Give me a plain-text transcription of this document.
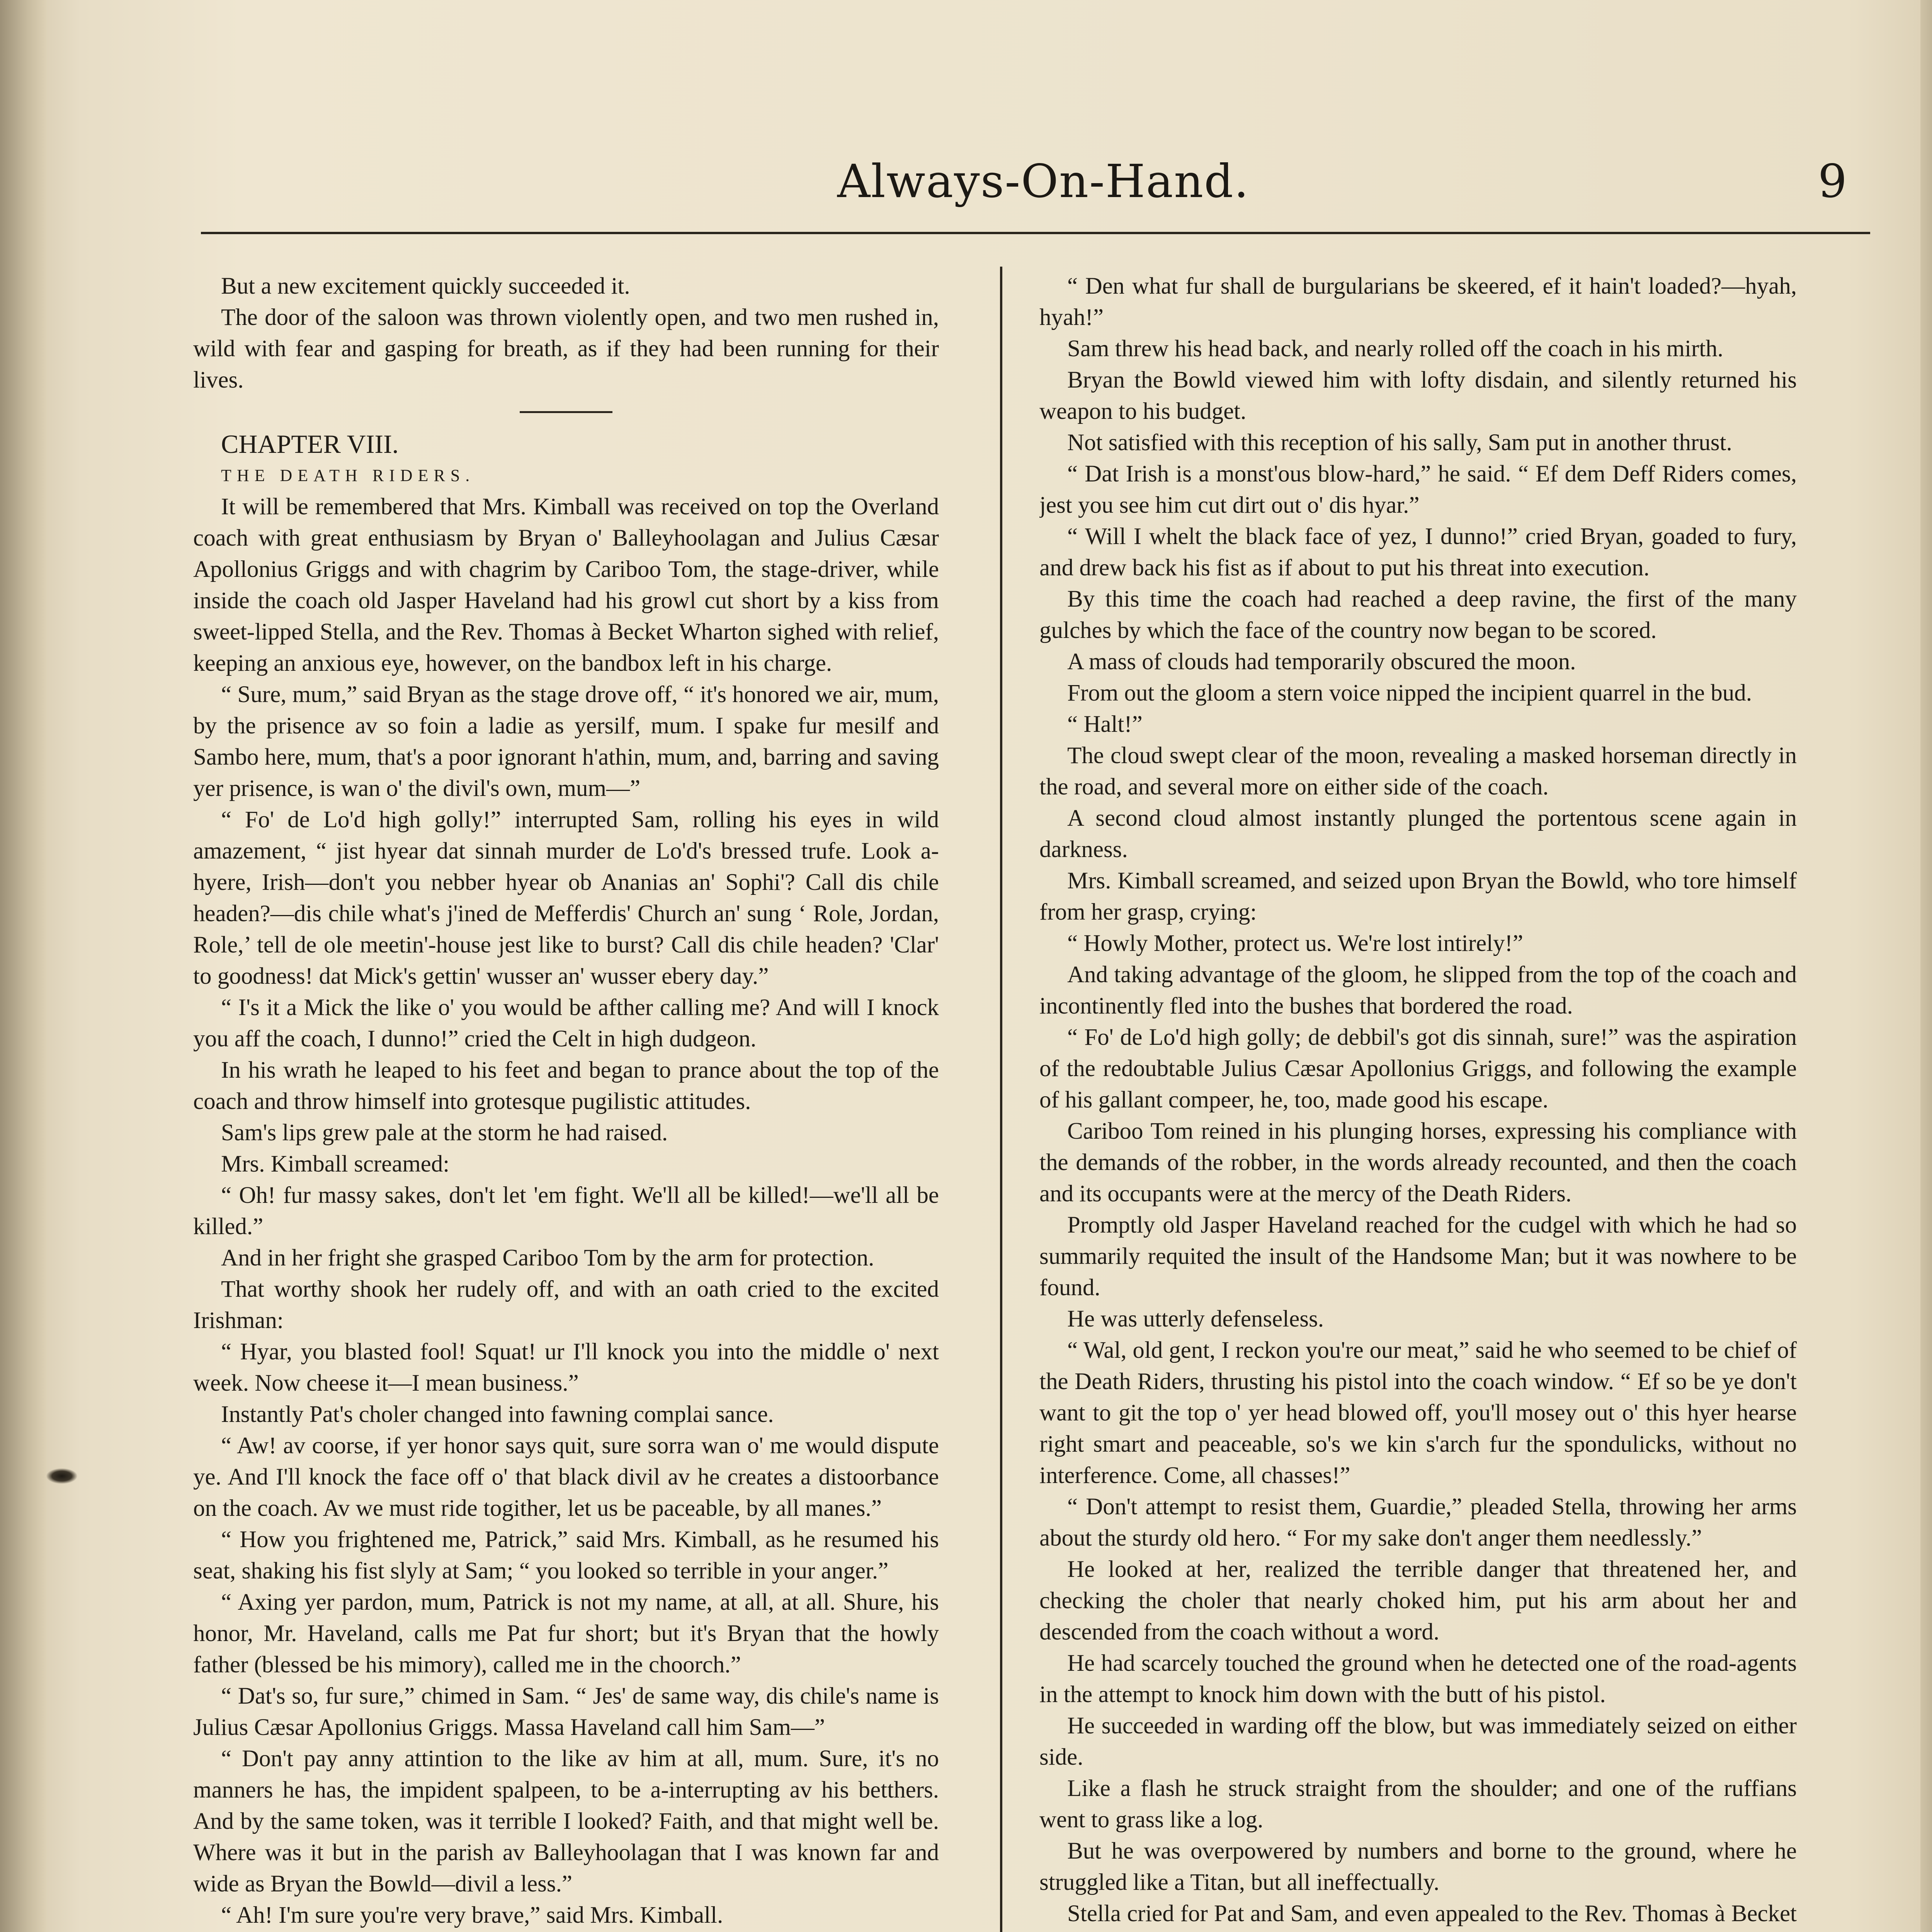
Always-On-Hand.	9

But a new excitement quickly succeeded it.

The door of the saloon was thrown violently open, and two men rushed in, wild with fear and gasping for breath, as if they had been running for their lives.

CHAPTER VIII.

THE DEATH RIDERS.

It will be remembered that Mrs. Kimball was received on top the Overland coach with great enthusiasm by Bryan o' Balleyhoolagan and Julius Cæsar Apollonius Griggs and with chagrim by Cariboo Tom, the stage-driver, while inside the coach old Jasper Haveland had his growl cut short by a kiss from sweet-lipped Stella, and the Rev. Thomas à Becket Wharton sighed with relief, keeping an anxious eye, however, on the bandbox left in his charge.

“ Sure, mum,” said Bryan as the stage drove off, “ it's honored we air, mum, by the prisence av so foin a ladie as yersilf, mum. I spake fur mesilf and Sambo here, mum, that's a poor ignorant h'athin, mum, and, barring and saving yer prisence, is wan o' the divil's own, mum—”

“ Fo' de Lo'd high golly!” interrupted Sam, rolling his eyes in wild amazement, “ jist hyear dat sinnah murder de Lo'd's bressed trufe. Look a-hyere, Irish—don't you nebber hyear ob Ananias an' Sophi'? Call dis chile headen?—dis chile what's j'ined de Mefferdis' Church an' sung ‘ Role, Jordan, Role,’ tell de ole meetin'-house jest like to burst? Call dis chile headen? 'Clar' to goodness! dat Mick's gettin' wusser an' wusser ebery day.”

“ I's it a Mick the like o' you would be afther calling me? And will I knock you aff the coach, I dunno!” cried the Celt in high dudgeon.

In his wrath he leaped to his feet and began to prance about the top of the coach and throw himself into grotesque pugilistic attitudes.

Sam's lips grew pale at the storm he had raised.

Mrs. Kimball screamed:

“ Oh! fur massy sakes, don't let 'em fight. We'll all be killed!—we'll all be killed.”

And in her fright she grasped Cariboo Tom by the arm for protection.

That worthy shook her rudely off, and with an oath cried to the excited Irishman:

“ Hyar, you blasted fool! Squat! ur I'll knock you into the middle o' next week. Now cheese it—I mean business.”

Instantly Pat's choler changed into fawning complai sance.

“ Aw! av coorse, if yer honor says quit, sure sorra wan o' me would dispute ye. And I'll knock the face off o' that black divil av he creates a distoorbance on the coach. Av we must ride togither, let us be paceable, by all manes.”

“ How you frightened me, Patrick,” said Mrs. Kimball, as he resumed his seat, shaking his fist slyly at Sam; “ you looked so terrible in your anger.”

“ Axing yer pardon, mum, Patrick is not my name, at all, at all. Shure, his honor, Mr. Haveland, calls me Pat fur short; but it's Bryan that the howly father (blessed be his mimory), called me in the choorch.”

“ Dat's so, fur sure,” chimed in Sam. “ Jes' de same way, dis chile's name is Julius Cæsar Apollonius Griggs. Massa Haveland call him Sam—”

“ Don't pay anny attintion to the like av him at all, mum. Sure, it's no manners he has, the impident spalpeen, to be a-interrupting av his betthers. And by the same token, was it terrible I looked? Faith, and that might well be. Where was it but in the parish av Balleyhoolagan that I was known far and wide as Bryan the Bowld—divil a less.”

“ Ah! I'm sure you're very brave,” said Mrs. Kimball.

“ Den what fur shall de burgularians be skeered, ef it hain't loaded?—hyah, hyah!”

Sam threw his head back, and nearly rolled off the coach in his mirth.

Bryan the Bowld viewed him with lofty disdain, and silently returned his weapon to his budget.

Not satisfied with this reception of his sally, Sam put in another thrust.

“ Dat Irish is a monst'ous blow-hard,” he said. “ Ef dem Deff Riders comes, jest you see him cut dirt out o' dis hyar.”

“ Will I whelt the black face of yez, I dunno!” cried Bryan, goaded to fury, and drew back his fist as if about to put his threat into execution.

By this time the coach had reached a deep ravine, the first of the many gulches by which the face of the country now began to be scored.

A mass of clouds had temporarily obscured the moon.

From out the gloom a stern voice nipped the incipient quarrel in the bud.

“ Halt!”

The cloud swept clear of the moon, revealing a masked horseman directly in the road, and several more on either side of the coach.

A second cloud almost instantly plunged the portentous scene again in darkness.

Mrs. Kimball screamed, and seized upon Bryan the Bowld, who tore himself from her grasp, crying:

“ Howly Mother, protect us. We're lost intirely!”

And taking advantage of the gloom, he slipped from the top of the coach and incontinently fled into the bushes that bordered the road.

“ Fo' de Lo'd high golly; de debbil's got dis sinnah, sure!” was the aspiration of the redoubtable Julius Cæsar Apollonius Griggs, and following the example of his gallant compeer, he, too, made good his escape.

Cariboo Tom reined in his plunging horses, expressing his compliance with the demands of the robber, in the words already recounted, and then the coach and its occupants were at the mercy of the Death Riders.

Promptly old Jasper Haveland reached for the cudgel with which he had so summarily requited the insult of the Handsome Man; but it was nowhere to be found.

He was utterly defenseless.

“ Wal, old gent, I reckon you're our meat,” said he who seemed to be chief of the Death Riders, thrusting his pistol into the coach window. “ Ef so be ye don't want to git the top o' yer head blowed off, you'll mosey out o' this hyer hearse right smart and peaceable, so's we kin s'arch fur the spondulicks, without no interference. Come, all chasses!”

“ Don't attempt to resist them, Guardie,” pleaded Stella, throwing her arms about the sturdy old hero. “ For my sake don't anger them needlessly.”

He looked at her, realized the terrible danger that threatened her, and checking the choler that nearly choked him, put his arm about her and descended from the coach without a word.

He had scarcely touched the ground when he detected one of the road-agents in the attempt to knock him down with the butt of his pistol.

He succeeded in warding off the blow, but was immediately seized on either side.

Like a flash he struck straight from the shoulder; and one of the ruffians went to grass like a log.

But he was overpowered by numbers and borne to the ground, where he struggled like a Titan, but all ineffectually.

Stella cried for Pat and Sam, and even appealed to the Rev. Thomas à Becket
